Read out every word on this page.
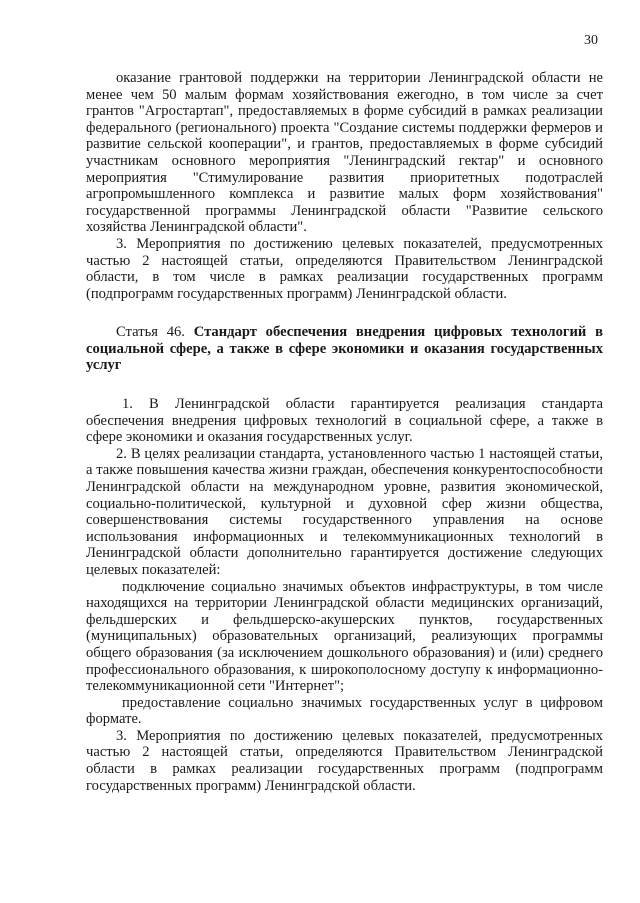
30

оказание грантовой поддержки на территории Ленинградской области не менее чем 50 малым формам хозяйствования ежегодно, в том числе за счет грантов "Агростартап", предоставляемых в форме субсидий в рамках реализации федерального (регионального) проекта "Создание системы поддержки фермеров и развитие сельской кооперации", и грантов, предоставляемых в форме субсидий участникам основного мероприятия "Ленинградский гектар" и основного мероприятия "Стимулирование развития приоритетных подотраслей агропромышленного комплекса и развитие малых форм хозяйствования" государственной программы Ленинградской области "Развитие сельского хозяйства Ленинградской области".

3. Мероприятия по достижению целевых показателей, предусмотренных частью 2 настоящей статьи, определяются Правительством Ленинградской области, в том числе в рамках реализации государственных программ (подпрограмм государственных программ) Ленинградской области.

Статья 46. Стандарт обеспечения внедрения цифровых технологий в социальной сфере, а также в сфере экономики и оказания государственных услуг

1. В Ленинградской области гарантируется реализация стандарта обеспечения внедрения цифровых технологий в социальной сфере, а также в сфере экономики и оказания государственных услуг.

2. В целях реализации стандарта, установленного частью 1 настоящей статьи, а также повышения качества жизни граждан, обеспечения конкурентоспособности Ленинградской области на международном уровне, развития экономической, социально-политической, культурной и духовной сфер жизни общества, совершенствования системы государственного управления на основе использования информационных и телекоммуникационных технологий в Ленинградской области дополнительно гарантируется достижение следующих целевых показателей:

подключение социально значимых объектов инфраструктуры, в том числе находящихся на территории Ленинградской области медицинских организаций, фельдшерских и фельдшерско-акушерских пунктов, государственных (муниципальных) образовательных организаций, реализующих программы общего образования (за исключением дошкольного образования) и (или) среднего профессионального образования, к широкополосному доступу к информационно-телекоммуникационной сети "Интернет";

предоставление социально значимых государственных услуг в цифровом формате.

3. Мероприятия по достижению целевых показателей, предусмотренных частью 2 настоящей статьи, определяются Правительством Ленинградской области в рамках реализации государственных программ (подпрограмм государственных программ) Ленинградской области.
